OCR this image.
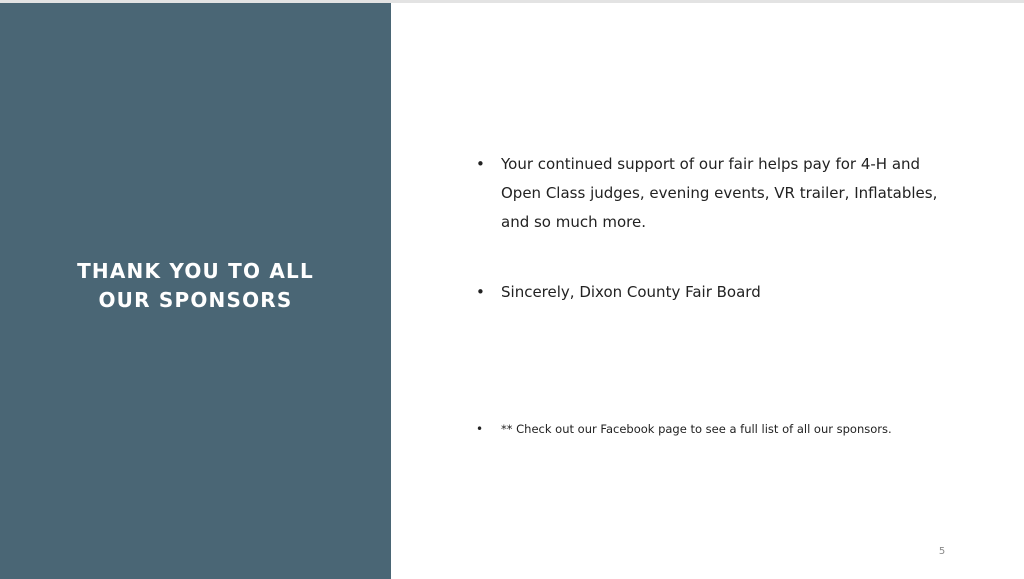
THANK YOU TO ALL
OUR SPONSORS
• Your continued support of our fair helps pay for 4-H and Open Class judges, evening events, VR trailer, Inflatables, and so much more.
• Sincerely, Dixon County Fair Board
• ** Check out our Facebook page to see a full list of all our sponsors.
5
